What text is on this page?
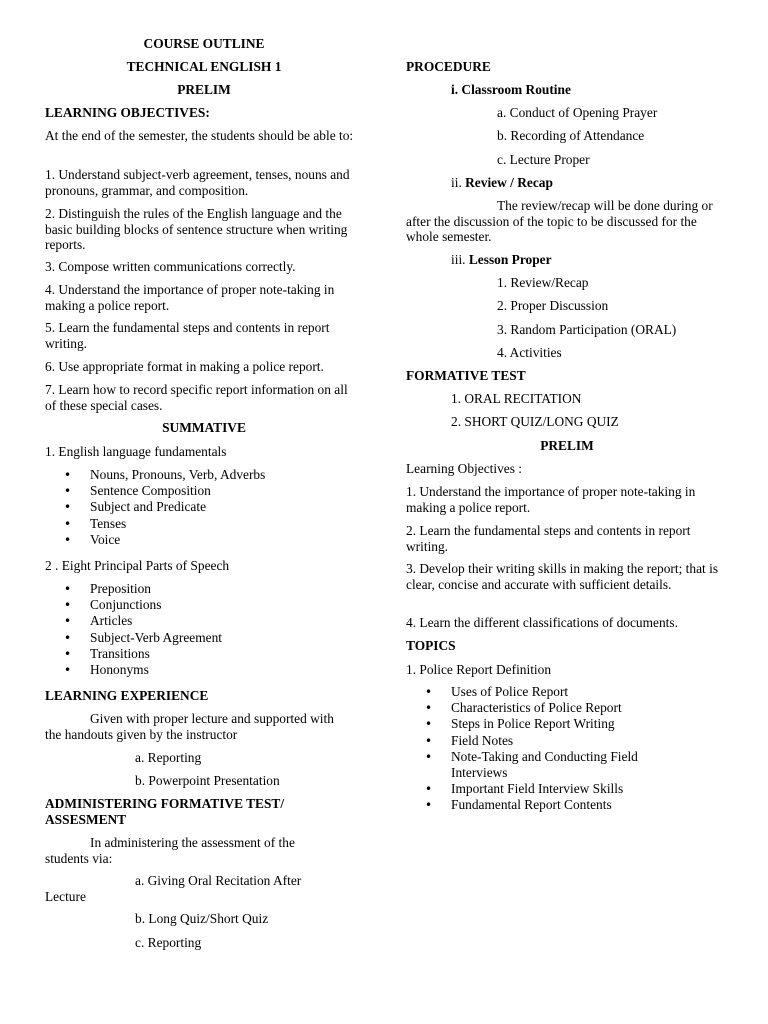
COURSE OUTLINE
TECHNICAL ENGLISH 1
PRELIM
LEARNING OBJECTIVES:
At the end of the semester, the students should be able to:
1. Understand subject-verb agreement, tenses, nouns and pronouns, grammar, and composition.
2. Distinguish the rules of the English language and the basic building blocks of sentence structure when writing reports.
3. Compose written communications correctly.
4. Understand the importance of proper note-taking in making a police report.
5. Learn the fundamental steps and contents in report writing.
6. Use appropriate format in making a police report.
7. Learn how to record specific report information on all of these special cases.
SUMMATIVE
1. English language fundamentals
• Nouns, Pronouns, Verb, Adverbs
• Sentence Composition
• Subject and Predicate
• Tenses
• Voice
2 . Eight Principal Parts of Speech
• Preposition
• Conjunctions
• Articles
• Subject-Verb Agreement
• Transitions
• Hononyms
LEARNING EXPERIENCE
Given with proper lecture and supported with the handouts given by the instructor
a. Reporting
b. Powerpoint Presentation
ADMINISTERING FORMATIVE TEST/ ASSESMENT
In administering the assessment of the students via:
a. Giving Oral Recitation After Lecture
b. Long Quiz/Short Quiz
c. Reporting
PROCEDURE
i. Classroom Routine
a. Conduct of Opening Prayer
b. Recording of Attendance
c. Lecture Proper
ii. Review / Recap
The review/recap will be done during or after the discussion of the topic to be discussed for the whole semester.
iii. Lesson Proper
1. Review/Recap
2. Proper Discussion
3. Random Participation (ORAL)
4. Activities
FORMATIVE TEST
1. ORAL RECITATION
2. SHORT QUIZ/LONG QUIZ
PRELIM
Learning Objectives :
1. Understand the importance of proper note-taking in making a police report.
2. Learn the fundamental steps and contents in report writing.
3. Develop their writing skills in making the report; that is clear, concise and accurate with sufficient details.
4. Learn the different classifications of documents.
TOPICS
1. Police Report Definition
• Uses of Police Report
• Characteristics of Police Report
• Steps in Police Report Writing
• Field Notes
• Note-Taking and Conducting Field Interviews
• Important Field Interview Skills
• Fundamental Report Contents
